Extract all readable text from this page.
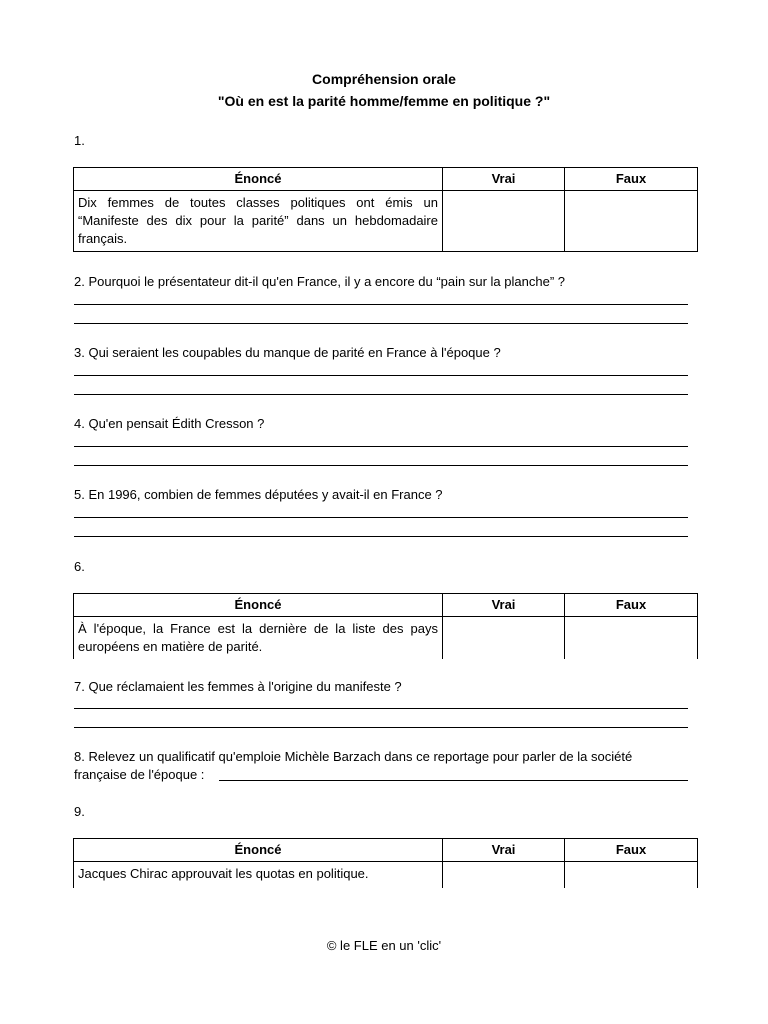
Compréhension orale
"Où en est la parité homme/femme en politique ?"
1.
Énoncé	Vrai	Faux
Dix femmes de toutes classes politiques ont émis un “Manifeste des dix pour la parité” dans un hebdomadaire français.		
2. Pourquoi le présentateur dit-il qu'en France, il y a encore du “pain sur la planche” ?
3. Qui seraient les coupables du manque de parité en France à l'époque ?
4. Qu'en pensait Édith Cresson ?
5. En 1996, combien de femmes députées y avait-il en France ?
6.
Énoncé	Vrai	Faux
À l'époque, la France est la dernière de la liste des pays européens en matière de parité.		
7. Que réclamaient les femmes à l'origine du manifeste ?
8. Relevez un qualificatif qu'emploie Michèle Barzach dans ce reportage pour parler de la société
française de l'époque :
9.
Énoncé	Vrai	Faux
Jacques Chirac approuvait les quotas en politique.		
© le FLE en un 'clic'
